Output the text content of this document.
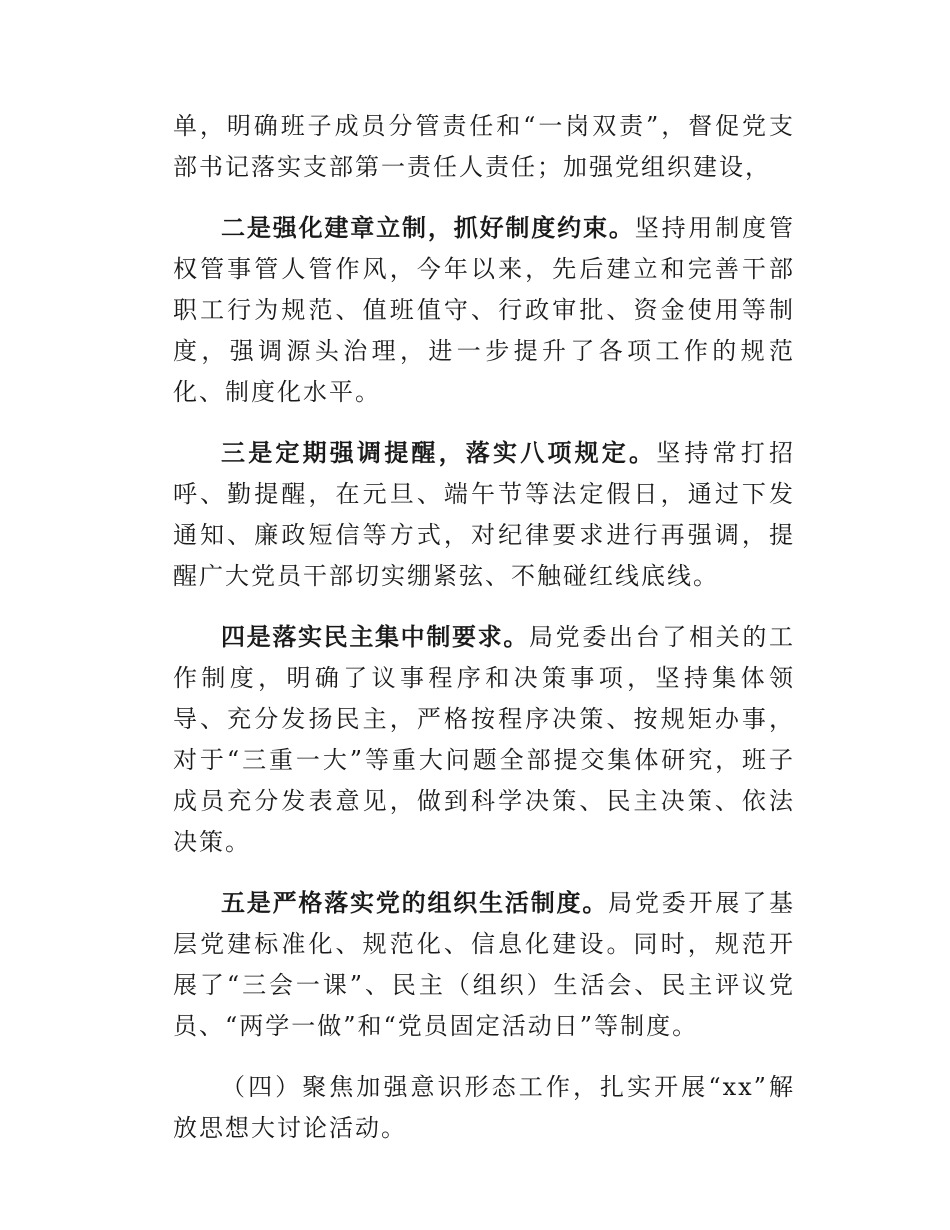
单，明确班子成员分管责任和“一岗双责”，督促党支部书记落实支部第一责任人责任；加强党组织建设，

二是强化建章立制，抓好制度约束。坚持用制度管权管事管人管作风，今年以来，先后建立和完善干部职工行为规范、值班值守、行政审批、资金使用等制度，强调源头治理，进一步提升了各项工作的规范化、制度化水平。

三是定期强调提醒，落实八项规定。坚持常打招呼、勤提醒，在元旦、端午节等法定假日，通过下发通知、廉政短信等方式，对纪律要求进行再强调，提醒广大党员干部切实绷紧弦、不触碰红线底线。

四是落实民主集中制要求。局党委出台了相关的工作制度，明确了议事程序和决策事项，坚持集体领导、充分发扬民主，严格按程序决策、按规矩办事，对于“三重一大”等重大问题全部提交集体研究，班子成员充分发表意见，做到科学决策、民主决策、依法决策。

五是严格落实党的组织生活制度。局党委开展了基层党建标准化、规范化、信息化建设。同时，规范开展了“三会一课”、民主（组织）生活会、民主评议党员、“两学一做”和“党员固定活动日”等制度。

（四）聚焦加强意识形态工作，扎实开展“xx”解放思想大讨论活动。
